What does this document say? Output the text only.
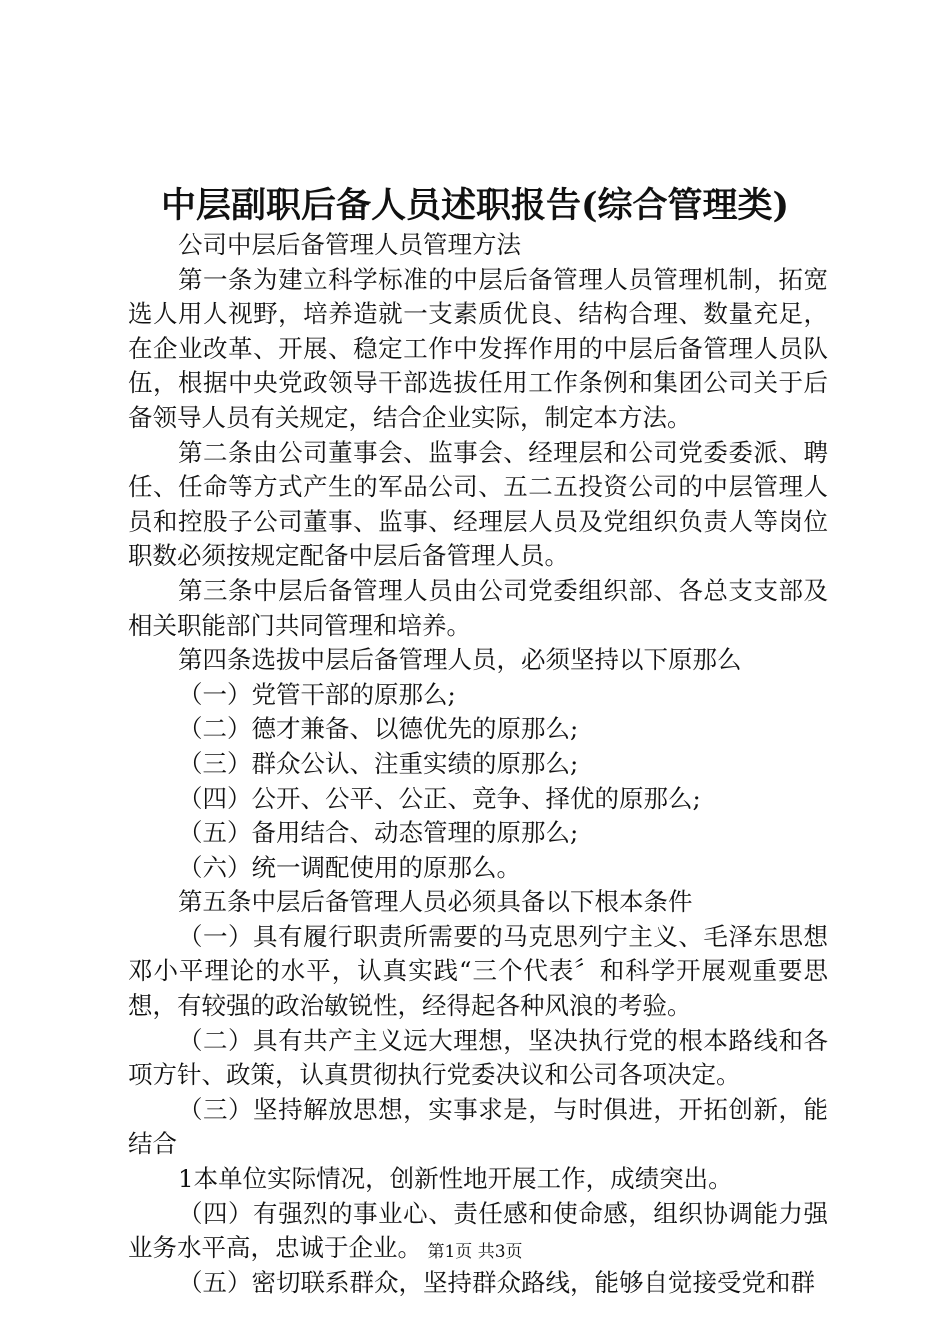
中层副职后备人员述职报告(综合管理类)

公司中层后备管理人员管理方法

第一条为建立科学标准的中层后备管理人员管理机制，拓宽选人用人视野，培养造就一支素质优良、结构合理、数量充足，在企业改革、开展、稳定工作中发挥作用的中层后备管理人员队伍，根据中央党政领导干部选拔任用工作条例和集团公司关于后备领导人员有关规定，结合企业实际，制定本方法。

第二条由公司董事会、监事会、经理层和公司党委委派、聘任、任命等方式产生的军品公司、五二五投资公司的中层管理人员和控股子公司董事、监事、经理层人员及党组织负责人等岗位职数必须按规定配备中层后备管理人员。

第三条中层后备管理人员由公司党委组织部、各总支支部及相关职能部门共同管理和培养。

第四条选拔中层后备管理人员，必须坚持以下原那么

（一）党管干部的原那么;

（二）德才兼备、以德优先的原那么;

（三）群众公认、注重实绩的原那么;

（四）公开、公平、公正、竞争、择优的原那么;

（五）备用结合、动态管理的原那么;

（六）统一调配使用的原那么。

第五条中层后备管理人员必须具备以下根本条件

（一）具有履行职责所需要的马克思列宁主义、毛泽东思想邓小平理论的水平，认真实践“三个代表〞和科学开展观重要思想，有较强的政治敏锐性，经得起各种风浪的考验。

（二）具有共产主义远大理想，坚决执行党的根本路线和各项方针、政策，认真贯彻执行党委决议和公司各项决定。

（三）坚持解放思想，实事求是，与时俱进，开拓创新，能结合

1本单位实际情况，创新性地开展工作，成绩突出。

（四）有强烈的事业心、责任感和使命感，组织协调能力强业务水平高，忠诚于企业。

（五）密切联系群众，坚持群众路线，能够自觉接受党和群

第1页 共3页
